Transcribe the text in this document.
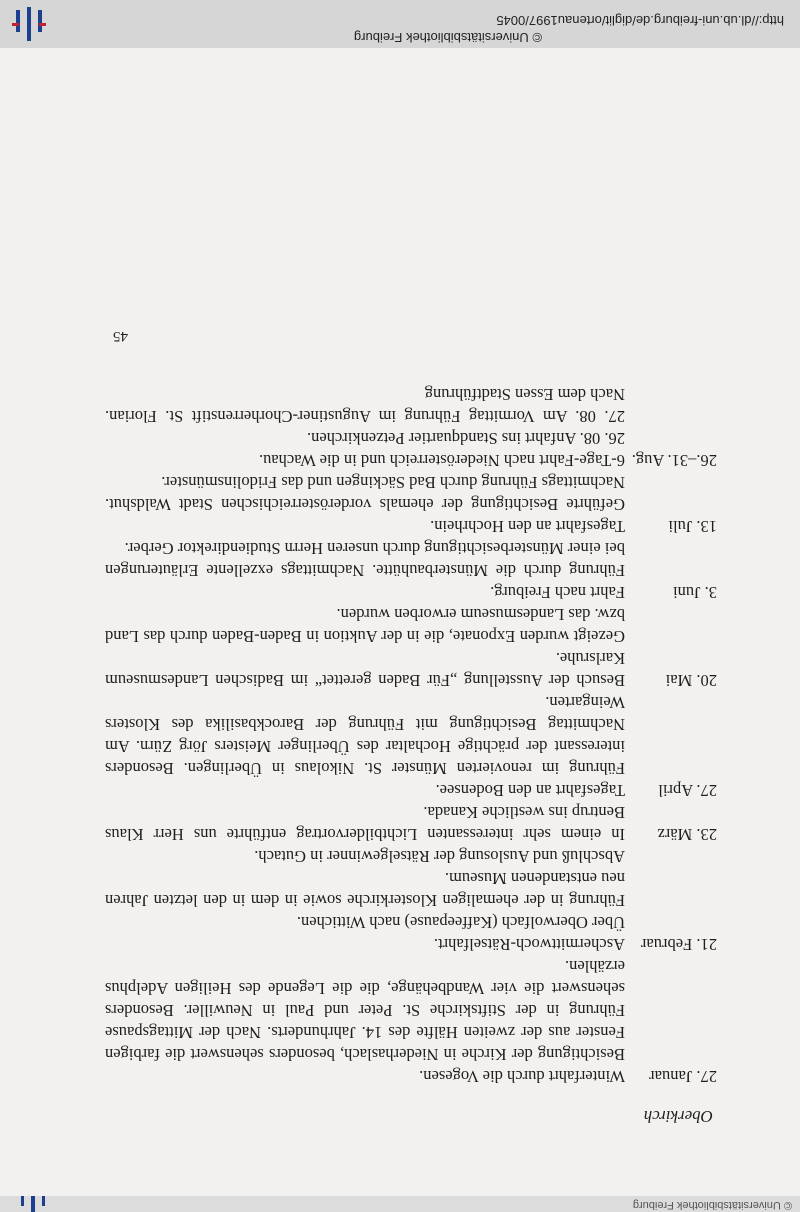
© Universitätsbibliothek Freiburg
Oberkirch
27. Januar

Winterfahrt durch die Vogesen.

Besichtigung der Kirche in Niederhaslach, besonders sehenswert die farbigen Fenster aus der zweiten Hälfte des 14. Jahrhunderts. Nach der Mittagspause Führung in der Stiftskirche St. Peter und Paul in Neuwiller. Besonders sehenswert die vier Wandbehänge, die die Legende des Heiligen Adelphus erzählen.

21. Februar

Aschermittwoch-Rätselfahrt.

Über Oberwolfach (Kaffeepause) nach Wittichen.

Führung in der ehemaligen Klosterkirche sowie in dem in den letzten Jahren neu entstandenen Museum.

Abschluß und Auslosung der Rätselgewinner in Gutach.

23. März

In einem sehr interessanten Lichtbildervortrag entführte uns Herr Klaus Bentrup ins westliche Kanada.

27. April

Tagesfahrt an den Bodensee.

Führung im renovierten Münster St. Nikolaus in Überlingen. Besonders interessant der prächtige Hochaltar des Überlinger Meisters Jörg Zürn. Am Nachmittag Besichtigung mit Führung der Barockbasilika des Klosters Weingarten.

20. Mai

Besuch der Ausstellung „Für Baden gerettet“ im Badischen Landesmuseum Karlsruhe.

Gezeigt wurden Exponate, die in der Auktion in Baden-Baden durch das Land bzw. das Landesmuseum erworben wurden.

3. Juni

Fahrt nach Freiburg.

Führung durch die Münsterbauhütte. Nachmittags exzellente Erläuterungen bei einer Münsterbesichtigung durch unseren Herrn Studiendirektor Gerber.

13. Juli

Tagesfahrt an den Hochrhein.

Geführte Besichtigung der ehemals vorderösterreichischen Stadt Waldshut. Nachmittags Führung durch Bad Säckingen und das Fridolinsmünster.

26.–31. Aug.

6-Tage-Fahrt nach Niederösterreich und in die Wachau.

26. 08. Anfahrt ins Standquartier Petzenkirchen.

27. 08. Am Vormittag Führung im Augustiner-Chorherrenstift St. Florian. Nach dem Essen Stadtführung

45
© Universitätsbibliothek Freiburg
http://dl.ub.uni-freiburg.de/diglit/ortenau1997/0045
